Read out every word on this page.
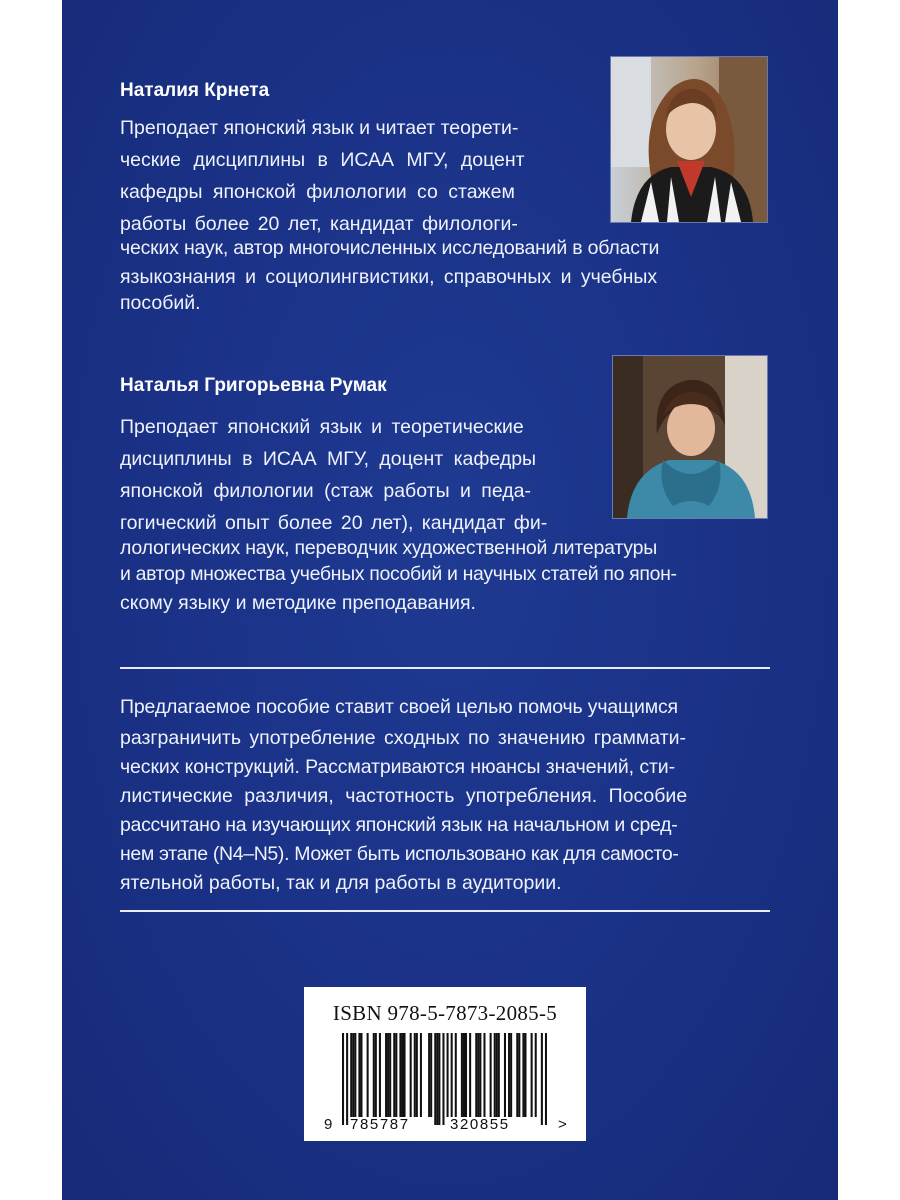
Наталия Крнета
Преподает японский язык и читает теорети-
ческие дисциплины в ИСАА МГУ, доцент
кафедры японской филологии со стажем
работы более 20 лет, кандидат филологи-
ческих наук, автор многочисленных исследований в области
языкознания и социолингвистики, справочных и учебных
пособий.
Наталья Григорьевна Румак
Преподает японский язык и теоретические
дисциплины в ИСАА МГУ, доцент кафедры
японской филологии (стаж работы и педа-
гогический опыт более 20 лет), кандидат фи-
лологических наук, переводчик художественной литературы
и автор множества учебных пособий и научных статей по япон-
скому языку и методике преподавания.
Предлагаемое пособие ставит своей целью помочь учащимся
разграничить употребление сходных по значению граммати-
ческих конструкций. Рассматриваются нюансы значений, сти-
листические различия, частотность употребления. Пособие
рассчитано на изучающих японский язык на начальном и сред-
нем этапе (N4–N5). Может быть использовано как для самосто-
ятельной работы, так и для работы в аудитории.
ISBN 978-5-7873-2085-5
9 785787	320855	>
